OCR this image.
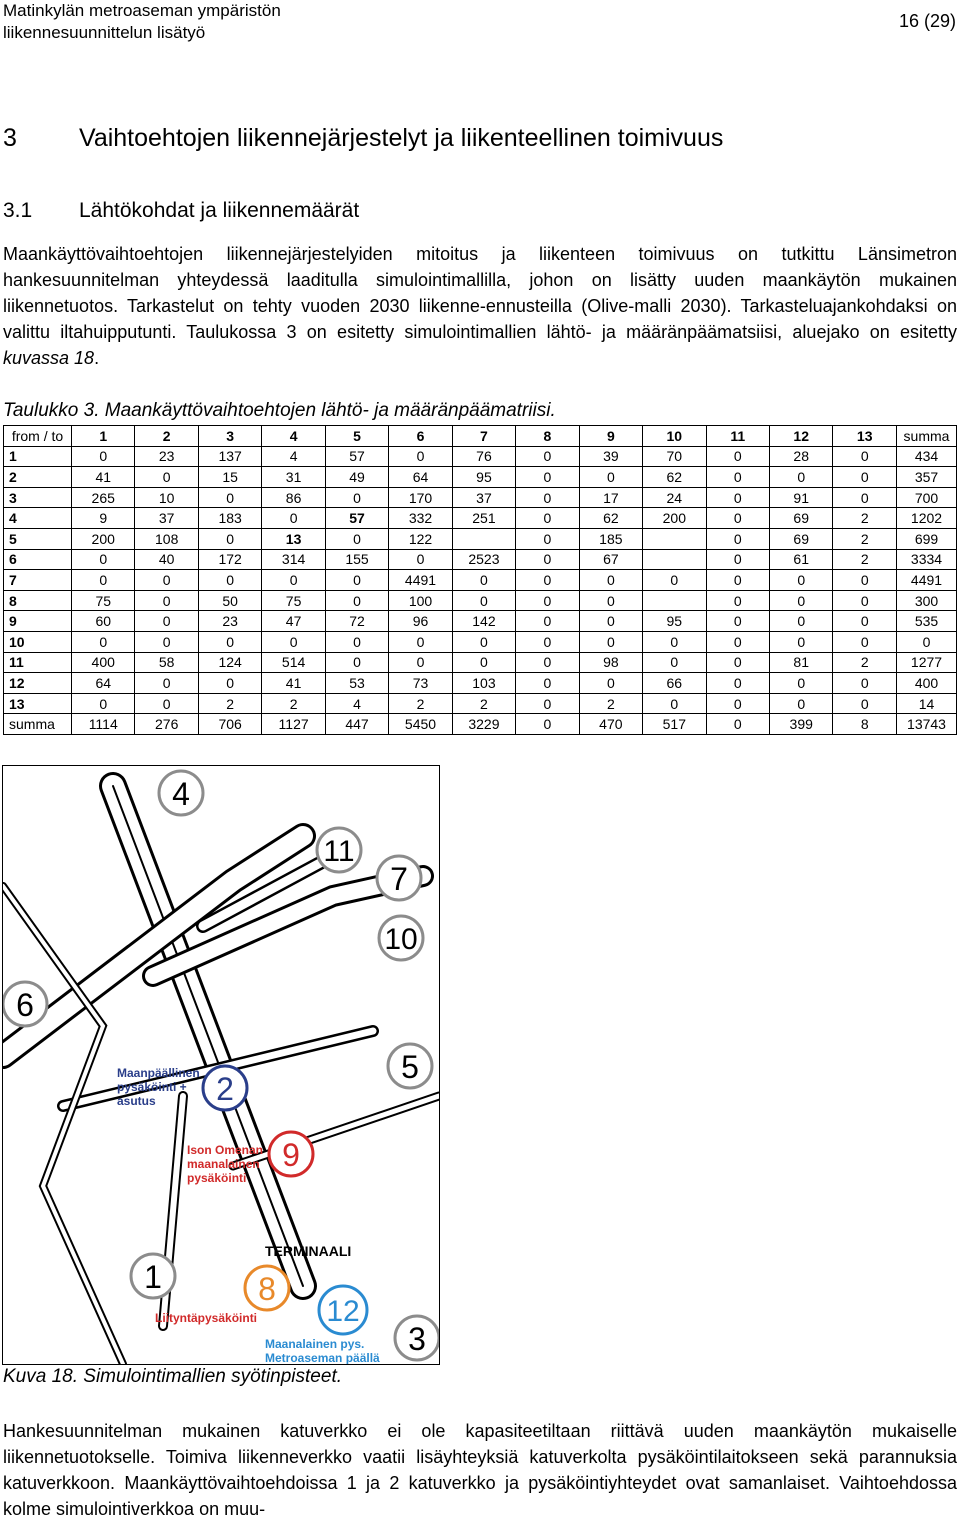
Matinkylän metroaseman ympäristön
liikennesuunnittelun lisätyö
16 (29)
3 Vaihtoehtojen liikennejärjestelyt ja liikenteellinen toimivuus
3.1 Lähtökohdat ja liikennemäärät
Maankäyttövaihtoehtojen liikennejärjestelyiden mitoitus ja liikenteen toimivuus on tutkittu Länsimetron hankesuunnitelman yhteydessä laaditulla simulointimallilla, johon on lisätty uuden maankäytön mukainen liikennetuotos. Tarkastelut on tehty vuoden 2030 liikenne-ennusteilla (Olive-malli 2030). Tarkasteluajankohdaksi on valittu iltahuipputunti. Taulukossa 3 on esitetty simulointimallien lähtö- ja määränpäämatsiisi, aluejako on esitetty kuvassa 18.
Taulukko 3. Maankäyttövaihtoehtojen lähtö- ja määränpäämatriisi.
from / to	1	2	3	4	5	6	7	8	9	10	11	12	13	summa
1	0	23	137	4	57	0	76	0	39	70	0	28	0	434
2	41	0	15	31	49	64	95	0	0	62	0	0	0	357
3	265	10	0	86	0	170	37	0	17	24	0	91	0	700
4	9	37	183	0	57	332	251	0	62	200	0	69	2	1202
5	200	108	0	13	0	122		0	185		0	69	2	699
6	0	40	172	314	155	0	2523	0	67		0	61	2	3334
7	0	0	0	0	0	4491	0	0	0	0	0	0	0	4491
8	75	0	50	75	0	100	0	0	0		0	0	0	300
9	60	0	23	47	72	96	142	0	0	95	0	0	0	535
10	0	0	0	0	0	0	0	0	0	0	0	0	0	0
11	400	58	124	514	0	0	0	0	98	0	0	81	2	1277
12	64	0	0	41	53	73	103	0	0	66	0	0	0	400
13	0	0	2	2	4	2	2	0	2	0	0	0	0	14
summa	1114	276	706	1127	447	5450	3229	0	470	517	0	399	8	13743
4
11
7
10
6
5
2
9
1	8
12
3
Maanpäällinen
pysäköinti +
asutus
Ison Omenan
maanalainen
pysäköinti
TERMINAALI
Liityntäpysäköinti
Maanalainen pys.
Metroaseman päällä
Kuva 18. Simulointimallien syötinpisteet.
Hankesuunnitelman mukainen katuverkko ei ole kapasiteetiltaan riittävä uuden maankäytön mukaiselle liikennetuotokselle. Toimiva liikenneverkko vaatii lisäyhteyksiä katuverkolta pysäköintilaitokseen sekä parannuksia katuverkkoon. Maankäyttövaihtoehdoissa 1 ja 2 katuverkko ja pysäköintiyhteydet ovat samanlaiset. Vaihtoehdossa kolme simulointiverkkoa on muu-
